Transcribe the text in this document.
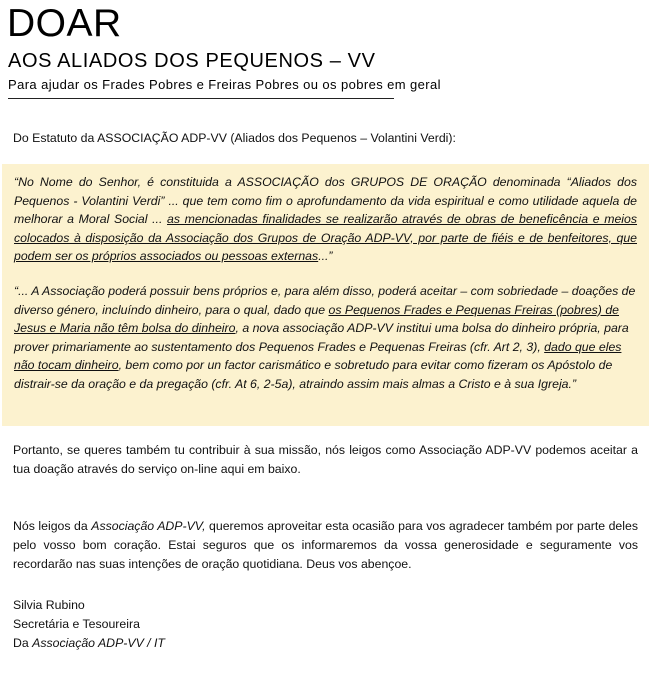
DOAR
AOS ALIADOS DOS PEQUENOS – VV
Para ajudar os Frades Pobres e Freiras Pobres ou os pobres em geral
Do Estatuto da ASSOCIAÇÃO ADP-VV (Aliados dos Pequenos – Volantini Verdi):

“No Nome do Senhor, é constituida a ASSOCIAÇÃO dos GRUPOS DE ORAÇÃO denominada “Aliados dos Pequenos - Volantini Verdi” ... que tem como fim o aprofundamento da vida espiritual e como utilidade aquela de melhorar a Moral Social ... as mencionadas finalidades se realizarão através de obras de beneficência e meios colocados à disposição da Associação dos Grupos de Oração ADP-VV, por parte de fiéis e de benfeitores, que podem ser os próprios associados ou pessoas externas...”

“... A Associação poderá possuir bens próprios e, para além disso, poderá aceitar – com sobriedade – doações de diverso género, incluíndo dinheiro, para o qual, dado que os Pequenos Frades e Pequenas Freiras (pobres) de Jesus e Maria não têm bolsa do dinheiro, a nova associação ADP-VV institui uma bolsa do dinheiro própria, para prover primariamente ao sustentamento dos Pequenos Frades e Pequenas Freiras (cfr. Art 2, 3), dado que eles não tocam dinheiro, bem como por un factor carismático e sobretudo para evitar como fizeram os Apóstolo de distrair-se da oração e da pregação (cfr. At 6, 2-5a), atraindo assim mais almas a Cristo e à sua Igreja.”

Portanto, se queres também tu contribuir à sua missão, nós leigos como Associação ADP-VV podemos aceitar a tua doação através do serviço on-line aqui em baixo.

Nós leigos da Associação ADP-VV, queremos aproveitar esta ocasião para vos agradecer também por parte deles pelo vosso bom coração. Estai seguros que os informaremos da vossa generosidade e seguramente vos recordarão nas suas intenções de oração quotidiana. Deus vos abençoe.

Silvia Rubino
Secretária e Tesoureira
Da Associação ADP-VV / IT
